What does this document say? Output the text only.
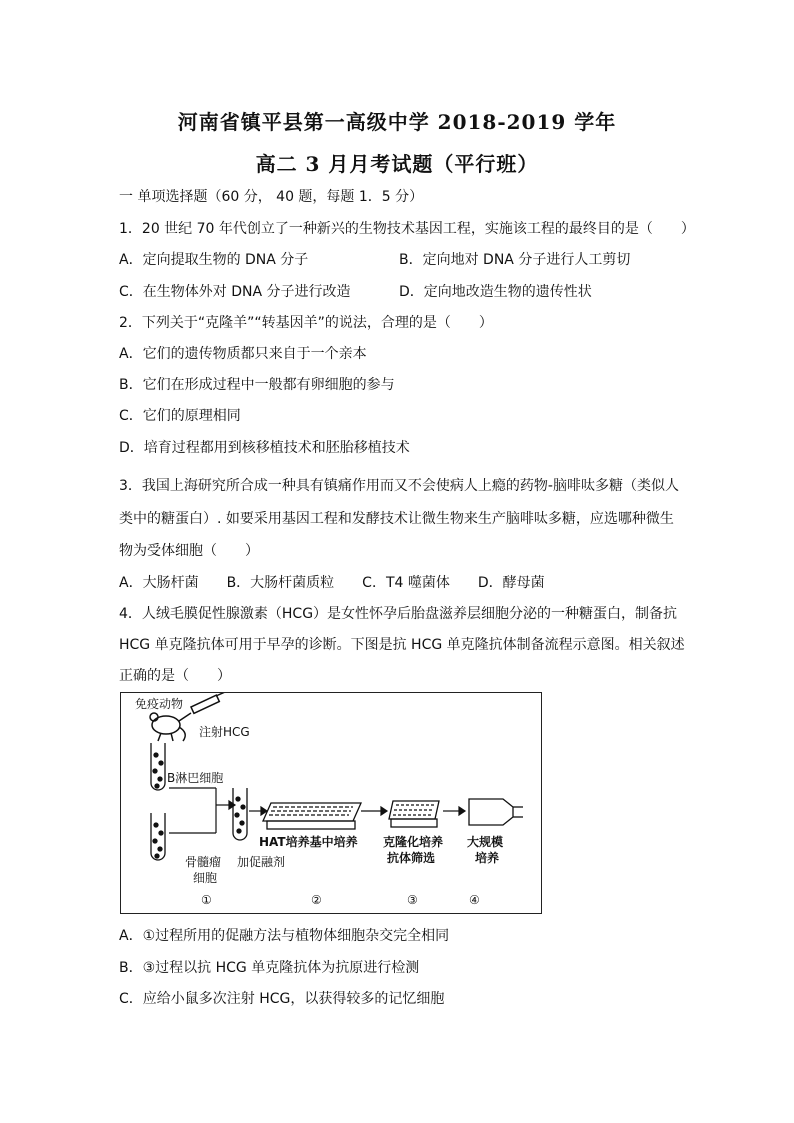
河南省镇平县第一高级中学 2018-2019 学年
高二 3 月月考试题（平行班）
一 单项选择题（60 分， 40 题，每题 1．5 分）
1．20 世纪 70 年代创立了一种新兴的生物技术基因工程，实施该工程的最终目的是（　　）
A．定向提取生物的 DNA 分子	B．定向地对 DNA 分子进行人工剪切
C．在生物体外对 DNA 分子进行改造	D．定向地改造生物的遗传性状
2．下列关于“克隆羊”“转基因羊”的说法，合理的是（　　）
A．它们的遗传物质都只来自于一个亲本
B．它们在形成过程中一般都有卵细胞的参与
C．它们的原理相同
D．培育过程都用到核移植技术和胚胎移植技术
3．我国上海研究所合成一种具有镇痛作用而又不会使病人上瘾的药物-脑啡呔多糖（类似人
类中的糖蛋白）. 如要采用基因工程和发酵技术让微生物来生产脑啡呔多糖，应选哪种微生
物为受体细胞（　　）
A．大肠杆菌　　B．大肠杆菌质粒　　C．T4 噬菌体　　D．酵母菌
4．人绒毛膜促性腺激素（HCG）是女性怀孕后胎盘滋养层细胞分泌的一种糖蛋白，制备抗
HCG 单克隆抗体可用于早孕的诊断。下图是抗 HCG 单克隆抗体制备流程示意图。相关叙述
正确的是（　　）
免疫动物
注射HCG
B淋巴细胞
HAT培养基中培养 克隆化培养
抗体筛选
大规模
培养
骨髓瘤
细胞
加促融剂
①	②	③	④
A．①过程所用的促融方法与植物体细胞杂交完全相同
B．③过程以抗 HCG 单克隆抗体为抗原进行检测
C．应给小鼠多次注射 HCG，以获得较多的记忆细胞
